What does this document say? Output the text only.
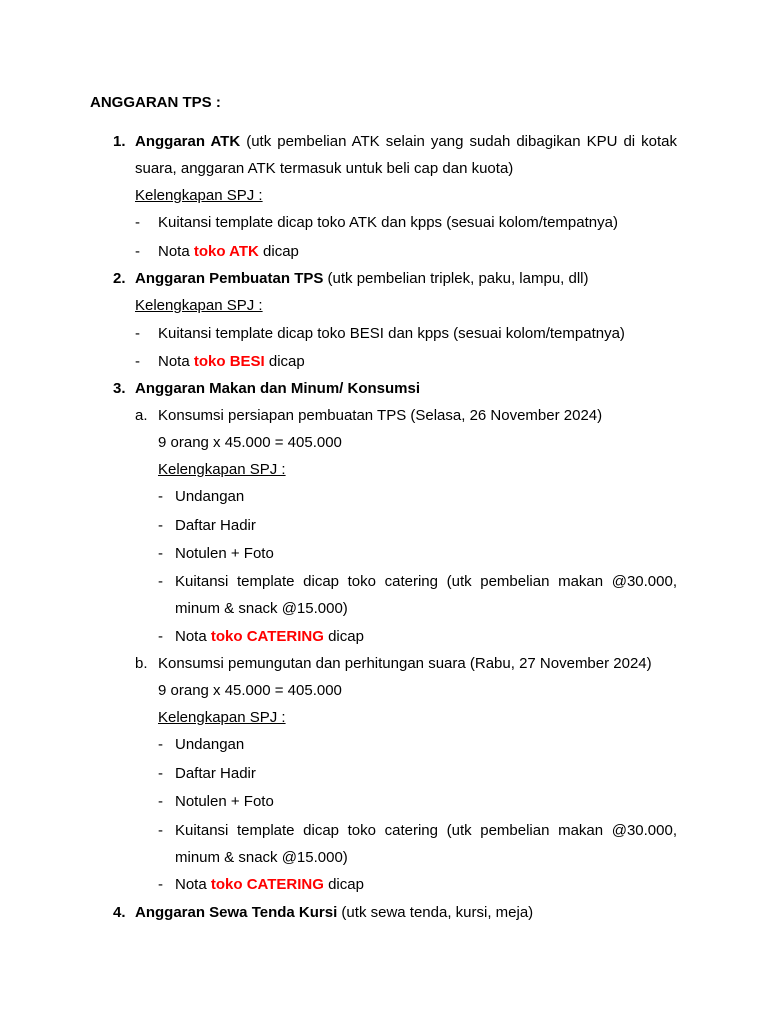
ANGGARAN TPS :
1. Anggaran ATK (utk pembelian ATK selain yang sudah dibagikan KPU di kotak
suara, anggaran ATK termasuk untuk beli cap dan kuota)
Kelengkapan SPJ :
- Kuitansi template dicap toko ATK dan kpps (sesuai kolom/tempatnya)
- Nota toko ATK dicap
2. Anggaran Pembuatan TPS (utk pembelian triplek, paku, lampu, dll)
Kelengkapan SPJ :
- Kuitansi template dicap toko BESI dan kpps (sesuai kolom/tempatnya)
- Nota toko BESI dicap
3. Anggaran Makan dan Minum/ Konsumsi
a. Konsumsi persiapan pembuatan TPS (Selasa, 26 November 2024)
9 orang x 45.000 = 405.000
Kelengkapan SPJ :
- Undangan
- Daftar Hadir
- Notulen + Foto
- Kuitansi template dicap toko catering (utk pembelian makan @30.000,
minum & snack @15.000)
- Nota toko CATERING dicap
b. Konsumsi pemungutan dan perhitungan suara (Rabu, 27 November 2024)
9 orang x 45.000 = 405.000
Kelengkapan SPJ :
- Undangan
- Daftar Hadir
- Notulen + Foto
- Kuitansi template dicap toko catering (utk pembelian makan @30.000,
minum & snack @15.000)
- Nota toko CATERING dicap
4. Anggaran Sewa Tenda Kursi (utk sewa tenda, kursi, meja)
